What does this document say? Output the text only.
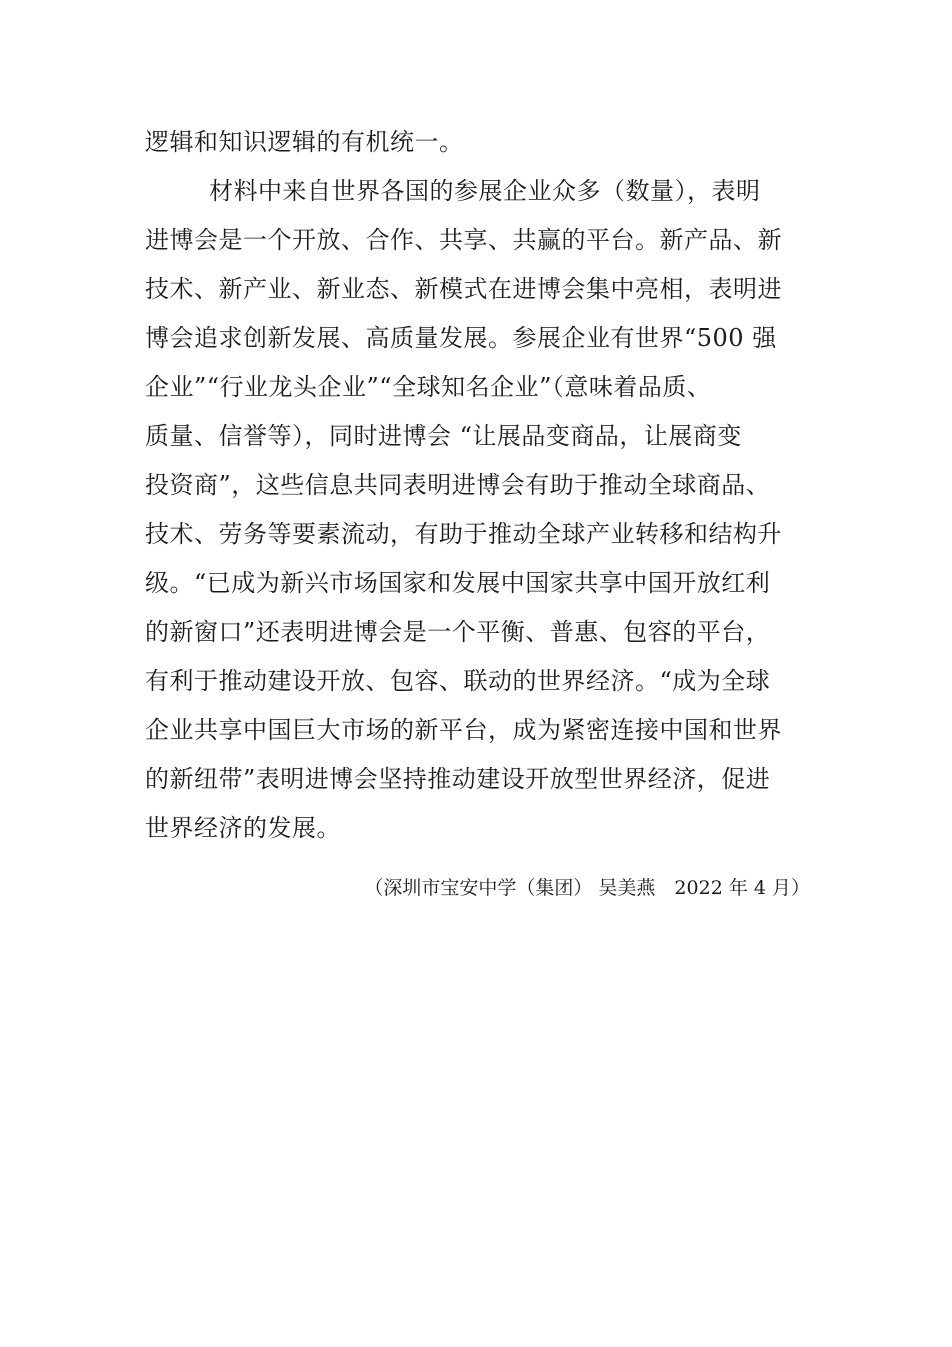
逻辑和知识逻辑的有机统一。
材料中来自世界各国的参展企业众多（数量），表明
进博会是一个开放、合作、共享、共赢的平台。新产品、新
技术、新产业、新业态、新模式在进博会集中亮相，表明进
博会追求创新发展、高质量发展。参展企业有世界“500 强
企业”“行业龙头企业”“全球知名企业”（意味着品质、
质量、信誉等），同时进博会 “让展品变商品，让展商变
投资商”，这些信息共同表明进博会有助于推动全球商品、
技术、劳务等要素流动，有助于推动全球产业转移和结构升
级。“已成为新兴市场国家和发展中国家共享中国开放红利
的新窗口”还表明进博会是一个平衡、普惠、包容的平台，
有利于推动建设开放、包容、联动的世界经济。“成为全球
企业共享中国巨大市场的新平台，成为紧密连接中国和世界
的新纽带”表明进博会坚持推动建设开放型世界经济，促进
世界经济的发展。
（深圳市宝安中学（集团） 吴美燕　2022 年 4 月）
